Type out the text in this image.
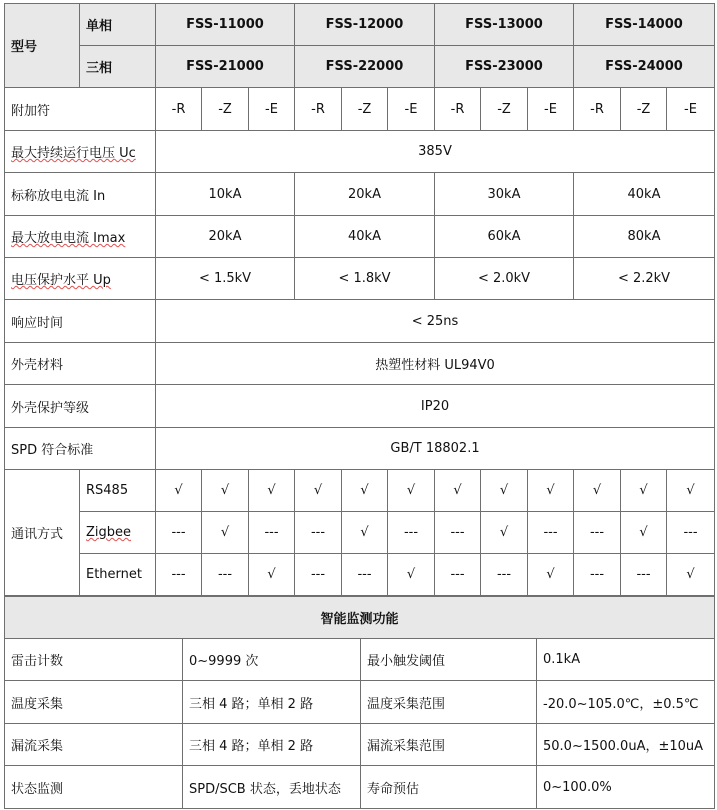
型号	单相	FSS-11000			FSS-12000			FSS-13000			FSS-14000		
	三相	FSS-21000			FSS-22000			FSS-23000			FSS-24000		
附加符		-R	-Z	-E	-R	-Z	-E	-R	-Z	-E	-R	-Z	-E
最大持续运行电压 Uc		385V											
标称放电电流 In		10kA			20kA			30kA			40kA		
最大放电电流 Imax		20kA			40kA			60kA			80kA		
电压保护水平 Up		< 1.5kV			< 1.8kV			< 2.0kV			< 2.2kV		
响应时间		< 25ns											
外壳材料		热塑性材料 UL94V0											
外壳保护等级		IP20											
SPD 符合标准		GB/T 18802.1											
通讯方式	RS485	√	√	√	√	√	√	√	√	√	√	√	√
	Zigbee	---	√	---	---	√	---	---	√	---	---	√	---
	Ethernet	---	---	√	---	---	√	---	---	√	---	---	√
智能监测功能			
雷击计数	0~9999 次	最小触发阈值	0.1kA
温度采集	三相 4 路；单相 2 路	温度采集范围	-20.0~105.0℃，±0.5℃
漏流采集	三相 4 路；单相 2 路	漏流采集范围	50.0~1500.0uA，±10uA
状态监测	SPD/SCB 状态，丢地状态	寿命预估	0~100.0%
